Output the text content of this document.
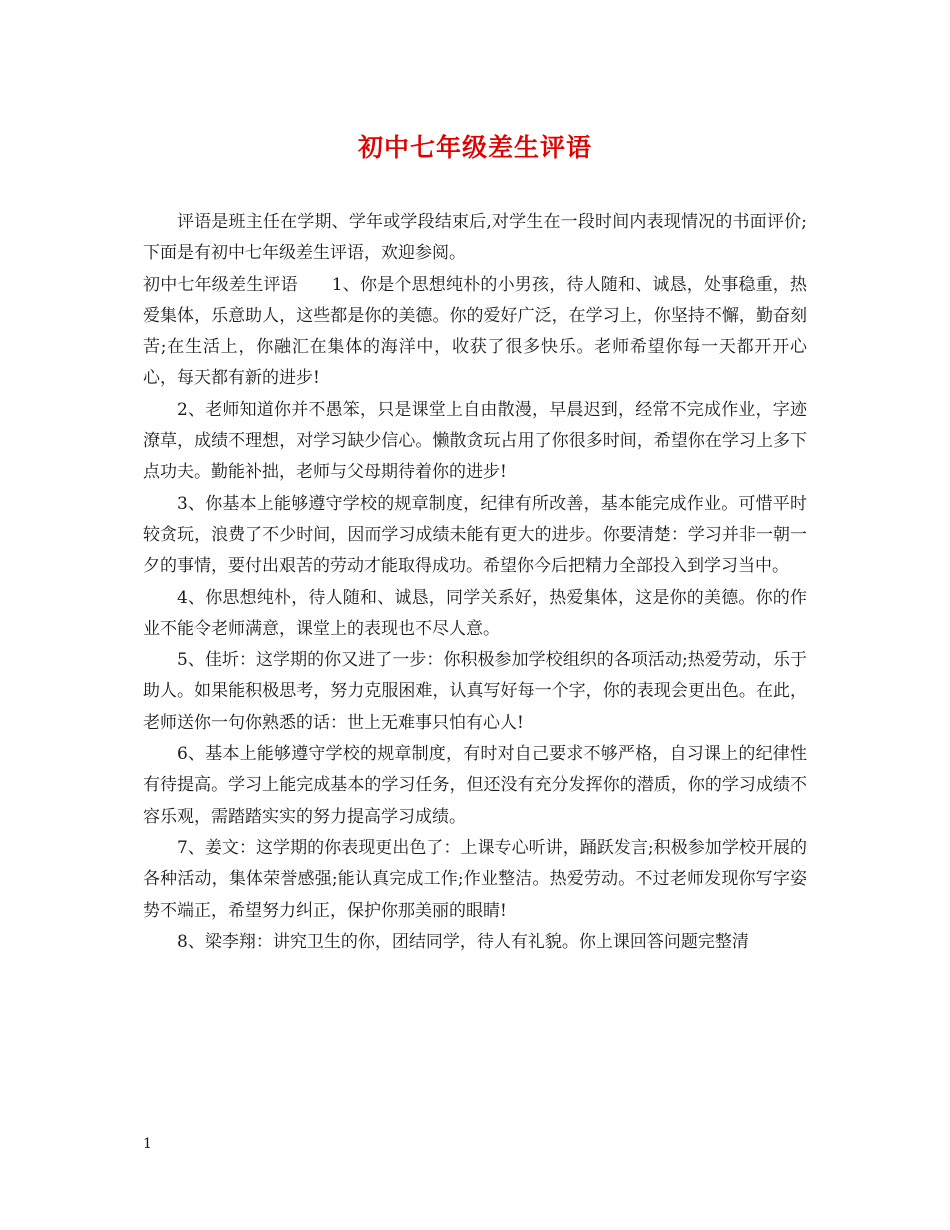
初中七年级差生评语

评语是班主任在学期、学年或学段结束后,对学生在一段时间内表现情况的书面评价;下面是有初中七年级差生评语，欢迎参阅。

初中七年级差生评语 1、你是个思想纯朴的小男孩，待人随和、诚恳，处事稳重，热爱集体，乐意助人，这些都是你的美德。你的爱好广泛，在学习上，你坚持不懈，勤奋刻苦;在生活上，你融汇在集体的海洋中，收获了很多快乐。老师希望你每一天都开开心心，每天都有新的进步!

2、老师知道你并不愚笨，只是课堂上自由散漫，早晨迟到，经常不完成作业，字迹潦草，成绩不理想，对学习缺少信心。懒散贪玩占用了你很多时间，希望你在学习上多下点功夫。勤能补拙，老师与父母期待着你的进步!

3、你基本上能够遵守学校的规章制度，纪律有所改善，基本能完成作业。可惜平时较贪玩，浪费了不少时间，因而学习成绩未能有更大的进步。你要清楚：学习并非一朝一夕的事情，要付出艰苦的劳动才能取得成功。希望你今后把精力全部投入到学习当中。

4、你思想纯朴，待人随和、诚恳，同学关系好，热爱集体，这是你的美德。你的作业不能令老师满意，课堂上的表现也不尽人意。

5、佳圻：这学期的你又进了一步：你积极参加学校组织的各项活动;热爱劳动，乐于助人。如果能积极思考，努力克服困难，认真写好每一个字，你的表现会更出色。在此，老师送你一句你熟悉的话：世上无难事只怕有心人!

6、基本上能够遵守学校的规章制度，有时对自己要求不够严格，自习课上的纪律性有待提高。学习上能完成基本的学习任务，但还没有充分发挥你的潜质，你的学习成绩不容乐观，需踏踏实实的努力提高学习成绩。

7、姜文：这学期的你表现更出色了：上课专心听讲，踊跃发言;积极参加学校开展的各种活动，集体荣誉感强;能认真完成工作;作业整洁。热爱劳动。不过老师发现你写字姿势不端正，希望努力纠正，保护你那美丽的眼睛!

8、梁李翔：讲究卫生的你，团结同学，待人有礼貌。你上课回答问题完整清

1
